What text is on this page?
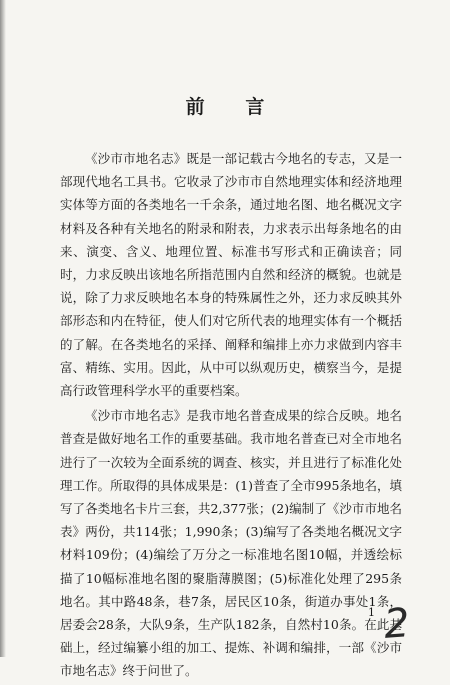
前 言

《沙市市地名志》既是一部记载古今地名的专志，又是一部现代地名工具书。它收录了沙市市自然地理实体和经济地理实体等方面的各类地名一千余条，通过地名图、地名概况文字材料及各种有关地名的附录和附表，力求表示出每条地名的由来、演变、含义、地理位置、标准书写形式和正确读音；同时，力求反映出该地名所指范围内自然和经济的概貌。也就是说，除了力求反映地名本身的特殊属性之外，还力求反映其外部形态和内在特征，使人们对它所代表的地理实体有一个概括的了解。在各类地名的采择、阐释和编排上亦力求做到内容丰富、精练、实用。因此，从中可以纵观历史，横察当今，是提高行政管理科学水平的重要档案。

《沙市市地名志》是我市地名普查成果的综合反映。地名普查是做好地名工作的重要基础。我市地名普查已对全市地名进行了一次较为全面系统的调查、核实，并且进行了标准化处理工作。所取得的具体成果是：(1)普查了全市995条地名，填写了各类地名卡片三套，共2,377张；(2)编制了《沙市市地名表》两份，共114张；1,990条；(3)编写了各类地名概况文字材料109份；(4)编绘了万分之一标准地名图10幅，并透绘标描了10幅标准地名图的聚脂薄膜图；(5)标准化处理了295条地名。其中路48条，巷7条，居民区10条，街道办事处1条，居委会28条，大队9条，生产队182条，自然村10条。在此基础上，经过编纂小组的加工、提炼、补调和编排，一部《沙市市地名志》终于问世了。

1 2
